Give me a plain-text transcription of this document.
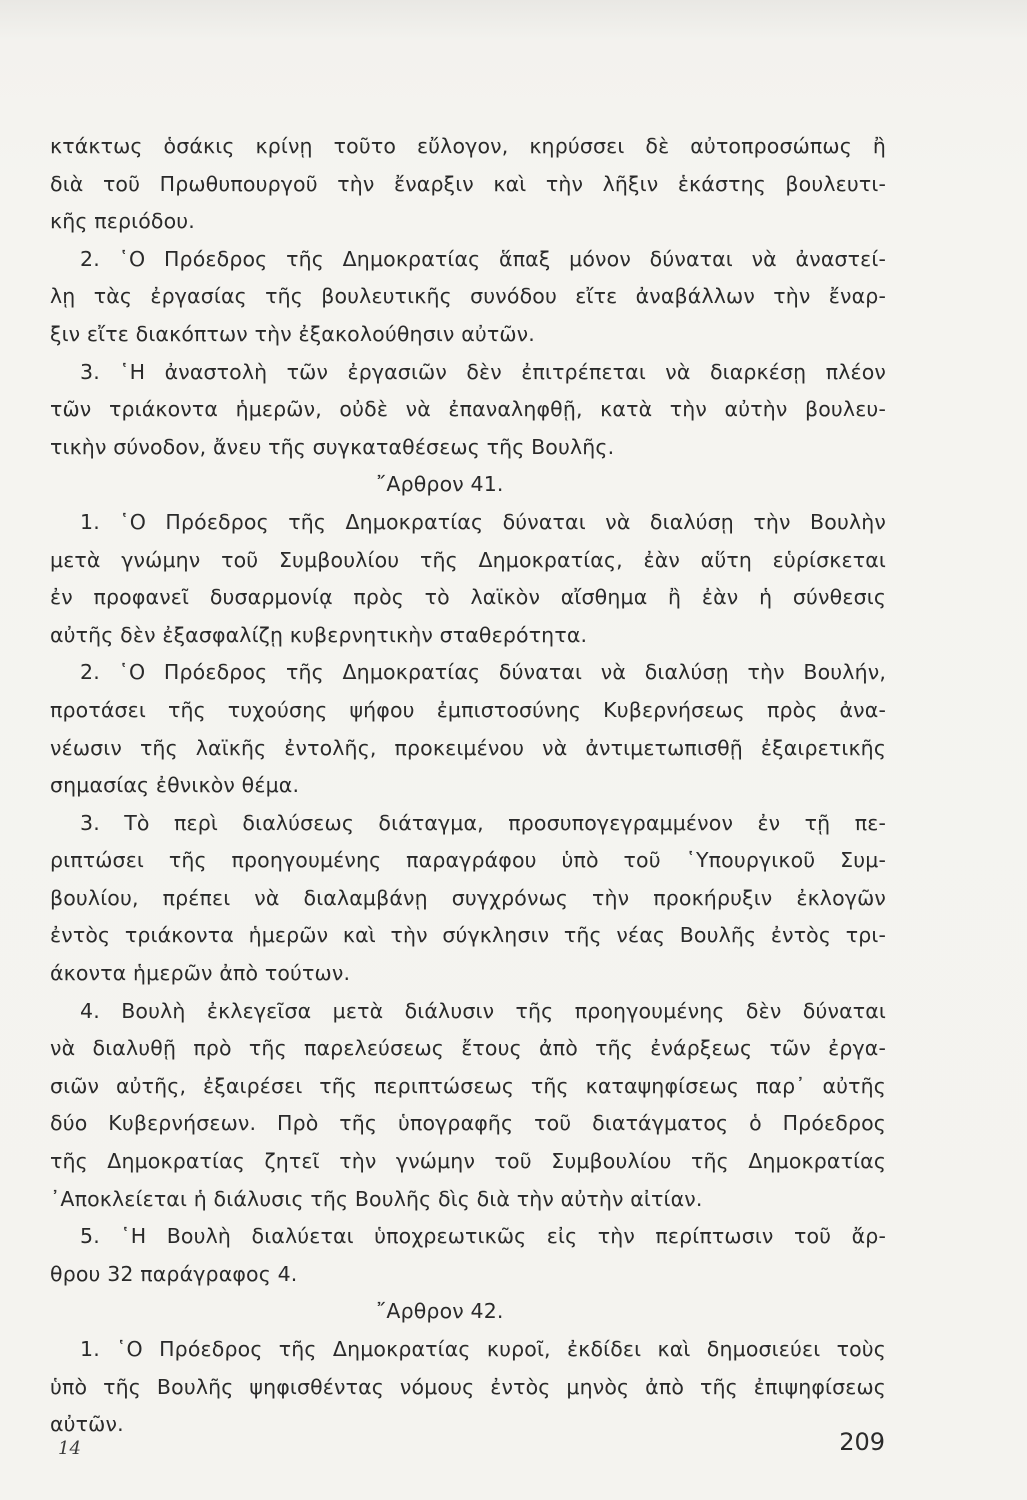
κτάκτως ὁσάκις κρίνῃ τοῦτο εὔλογον, κηρύσσει δὲ αὐτοπροσώπως ἢ
διὰ τοῦ Πρωθυπουργοῦ τὴν ἔναρξιν καὶ τὴν λῆξιν ἑκάστης βουλευτι-
κῆς περιόδου.
2. ῾Ο Πρόεδρος τῆς Δημοκρατίας ἅπαξ μόνον δύναται νὰ ἀναστεί-
λῃ τὰς ἐργασίας τῆς βουλευτικῆς συνόδου εἴτε ἀναβάλλων τὴν ἔναρ-
ξιν εἴτε διακόπτων τὴν ἐξακολούθησιν αὐτῶν.
3. ῾Η ἀναστολὴ τῶν ἐργασιῶν δὲν ἐπιτρέπεται νὰ διαρκέσῃ πλέον
τῶν τριάκοντα ἡμερῶν, οὐδὲ νὰ ἐπαναληφθῇ, κατὰ τὴν αὐτὴν βουλευ-
τικὴν σύνοδον, ἄνευ τῆς συγκαταθέσεως τῆς Βουλῆς.
῎Αρθρον 41.
1. ῾Ο Πρόεδρος τῆς Δημοκρατίας δύναται νὰ διαλύσῃ τὴν Βουλὴν
μετὰ γνώμην τοῦ Συμβουλίου τῆς Δημοκρατίας, ἐὰν αὕτη εὑρίσκεται
ἐν προφανεῖ δυσαρμονίᾳ πρὸς τὸ λαϊκὸν αἴσθημα ἢ ἐὰν ἡ σύνθεσις
αὐτῆς δὲν ἐξασφαλίζῃ κυβερνητικὴν σταθερότητα.
2. ῾Ο Πρόεδρος τῆς Δημοκρατίας δύναται νὰ διαλύσῃ τὴν Βουλήν,
προτάσει τῆς τυχούσης ψήφου ἐμπιστοσύνης Κυβερνήσεως πρὸς ἀνα-
νέωσιν τῆς λαϊκῆς ἐντολῆς, προκειμένου νὰ ἀντιμετωπισθῇ ἐξαιρετικῆς
σημασίας ἐθνικὸν θέμα.
3. Τὸ περὶ διαλύσεως διάταγμα, προσυπογεγραμμένον ἐν τῇ πε-
ριπτώσει τῆς προηγουμένης παραγράφου ὑπὸ τοῦ ῾Υπουργικοῦ Συμ-
βουλίου, πρέπει νὰ διαλαμβάνῃ συγχρόνως τὴν προκήρυξιν ἐκλογῶν
ἐντὸς τριάκοντα ἡμερῶν καὶ τὴν σύγκλησιν τῆς νέας Βουλῆς ἐντὸς τρι-
άκοντα ἡμερῶν ἀπὸ τούτων.
4. Βουλὴ ἐκλεγεῖσα μετὰ διάλυσιν τῆς προηγουμένης δὲν δύναται
νὰ διαλυθῇ πρὸ τῆς παρελεύσεως ἔτους ἀπὸ τῆς ἐνάρξεως τῶν ἐργα-
σιῶν αὐτῆς, ἐξαιρέσει τῆς περιπτώσεως τῆς καταψηφίσεως παρ᾽ αὐτῆς
δύο Κυβερνήσεων. Πρὸ τῆς ὑπογραφῆς τοῦ διατάγματος ὁ Πρόεδρος
τῆς Δημοκρατίας ζητεῖ τὴν γνώμην τοῦ Συμβουλίου τῆς Δημοκρατίας
᾽Αποκλείεται ἡ διάλυσις τῆς Βουλῆς δὶς διὰ τὴν αὐτὴν αἰτίαν.
5. ῾Η Βουλὴ διαλύεται ὑποχρεωτικῶς εἰς τὴν περίπτωσιν τοῦ ἄρ-
θρου 32 παράγραφος 4.
῎Αρθρον 42.
1. ῾Ο Πρόεδρος τῆς Δημοκρατίας κυροῖ, ἐκδίδει καὶ δημοσιεύει τοὺς
ὑπὸ τῆς Βουλῆς ψηφισθέντας νόμους ἐντὸς μηνὸς ἀπὸ τῆς ἐπιψηφίσεως
αὐτῶν.
14	209
